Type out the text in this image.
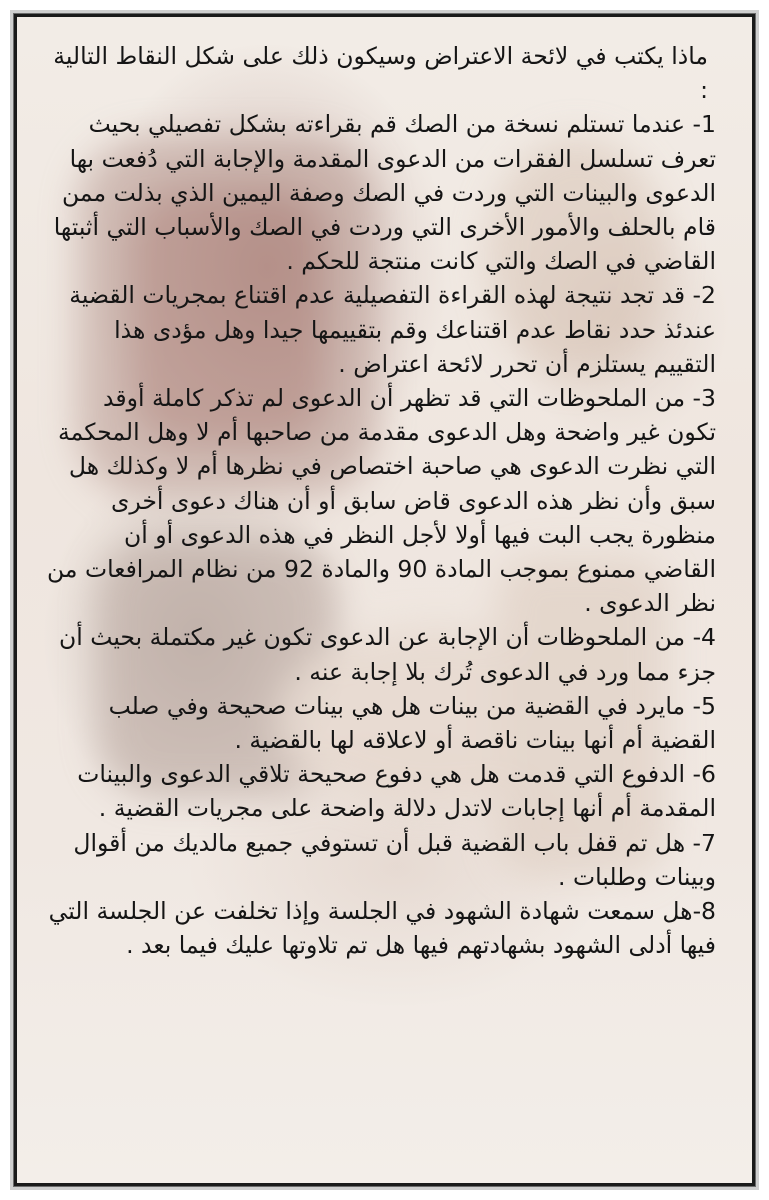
ماذا يكتب في لائحة الاعتراض وسيكون ذلك على شكل النقاط التالية :

1- عندما تستلم نسخة من الصك قم بقراءته بشكل تفصيلي بحيث تعرف تسلسل الفقرات من الدعوى المقدمة والإجابة التي دُفعت بها الدعوى والبينات التي وردت في الصك وصفة اليمين الذي بذلت ممن قام بالحلف والأمور الأخرى التي وردت في الصك والأسباب التي أثبتها القاضي في الصك والتي كانت منتجة للحكم .

2- قد تجد نتيجة لهذه القراءة التفصيلية عدم اقتناع بمجريات القضية عندئذ حدد نقاط عدم اقتناعك وقم بتقييمها جيدا وهل مؤدى هذا التقييم يستلزم أن تحرر لائحة اعتراض .

3- من الملحوظات التي قد تظهر أن الدعوى لم تذكر كاملة أوقد تكون غير واضحة وهل الدعوى مقدمة من صاحبها أم لا وهل المحكمة التي نظرت الدعوى هي صاحبة اختصاص في نظرها أم لا وكذلك هل سبق وأن نظر هذه الدعوى قاض سابق أو أن هناك دعوى أخرى منظورة يجب البت فيها أولا لأجل النظر في هذه الدعوى أو أن القاضي ممنوع بموجب المادة 90 والمادة 92 من نظام المرافعات من نظر الدعوى .

4- من الملحوظات أن الإجابة عن الدعوى تكون غير مكتملة بحيث أن جزء مما ورد في الدعوى تُرك بلا إجابة عنه .

5- مايرد في القضية من بينات هل هي بينات صحيحة وفي صلب القضية أم أنها بينات ناقصة أو لاعلاقه لها بالقضية .

6- الدفوع التي قدمت هل هي دفوع صحيحة تلاقي الدعوى والبينات المقدمة أم أنها إجابات لاتدل دلالة واضحة على مجريات القضية .

7- هل تم قفل باب القضية قبل أن تستوفي جميع مالديك من أقوال وبينات وطلبات .

8-هل سمعت شهادة الشهود في الجلسة وإذا تخلفت عن الجلسة التي فيها أدلى الشهود بشهادتهم فيها هل تم تلاوتها عليك فيما بعد .
